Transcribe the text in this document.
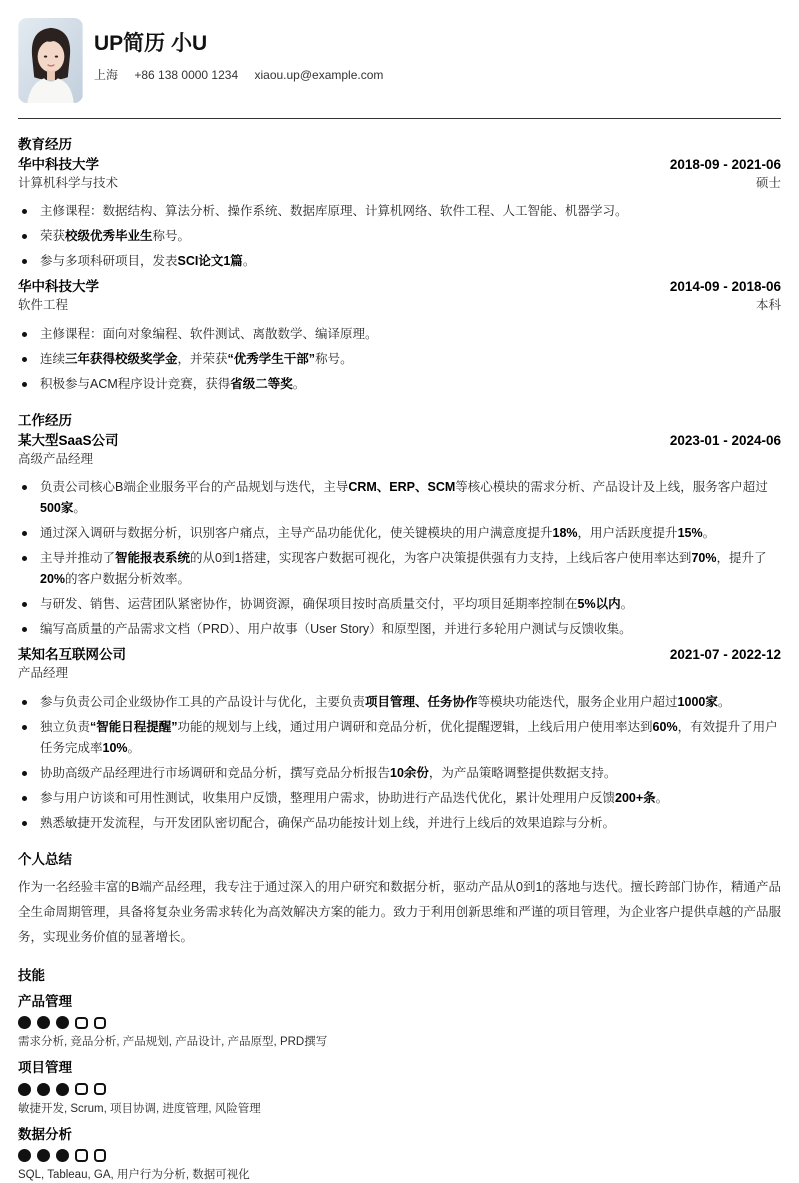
UP简历 小U
上海 +86 138 0000 1234 xiaou.up@example.com
教育经历
华中科技大学	2018-09 - 2021-06
计算机科学与技术	硕士
主修课程：数据结构、算法分析、操作系统、数据库原理、计算机网络、软件工程、人工智能、机器学习。
荣获校级优秀毕业生称号。
参与多项科研项目，发表SCI论文1篇。
华中科技大学	2014-09 - 2018-06
软件工程	本科
主修课程：面向对象编程、软件测试、离散数学、编译原理。
连续三年获得校级奖学金，并荣获“优秀学生干部”称号。
积极参与ACM程序设计竞赛，获得省级二等奖。
工作经历
某大型SaaS公司	2023-01 - 2024-06
高级产品经理
负责公司核心B端企业服务平台的产品规划与迭代，主导CRM、ERP、SCM等核心模块的需求分析、产品设计及上线，服务客户超过500家。
通过深入调研与数据分析，识别客户痛点，主导产品功能优化，使关键模块的用户满意度提升18%，用户活跃度提升15%。
主导并推动了智能报表系统的从0到1搭建，实现客户数据可视化，为客户决策提供强有力支持，上线后客户使用率达到70%，提升了20%的客户数据分析效率。
与研发、销售、运营团队紧密协作，协调资源，确保项目按时高质量交付，平均项目延期率控制在5%以内。
编写高质量的产品需求文档（PRD）、用户故事（User Story）和原型图，并进行多轮用户测试与反馈收集。
某知名互联网公司	2021-07 - 2022-12
产品经理
参与负责公司企业级协作工具的产品设计与优化，主要负责项目管理、任务协作等模块功能迭代，服务企业用户超过1000家。
独立负责“智能日程提醒”功能的规划与上线，通过用户调研和竞品分析，优化提醒逻辑，上线后用户使用率达到60%，有效提升了用户任务完成率10%。
协助高级产品经理进行市场调研和竞品分析，撰写竞品分析报告10余份，为产品策略调整提供数据支持。
参与用户访谈和可用性测试，收集用户反馈，整理用户需求，协助进行产品迭代优化，累计处理用户反馈200+条。
熟悉敏捷开发流程，与开发团队密切配合，确保产品功能按计划上线，并进行上线后的效果追踪与分析。
个人总结
作为一名经验丰富的B端产品经理，我专注于通过深入的用户研究和数据分析，驱动产品从0到1的落地与迭代。擅长跨部门协作，精通产品全生命周期管理，具备将复杂业务需求转化为高效解决方案的能力。致力于利用创新思维和严谨的项目管理，为企业客户提供卓越的产品服务，实现业务价值的显著增长。
技能
产品管理
需求分析, 竞品分析, 产品规划, 产品设计, 产品原型, PRD撰写
项目管理
敏捷开发, Scrum, 项目协调, 进度管理, 风险管理
数据分析
SQL, Tableau, GA, 用户行为分析, 数据可视化
